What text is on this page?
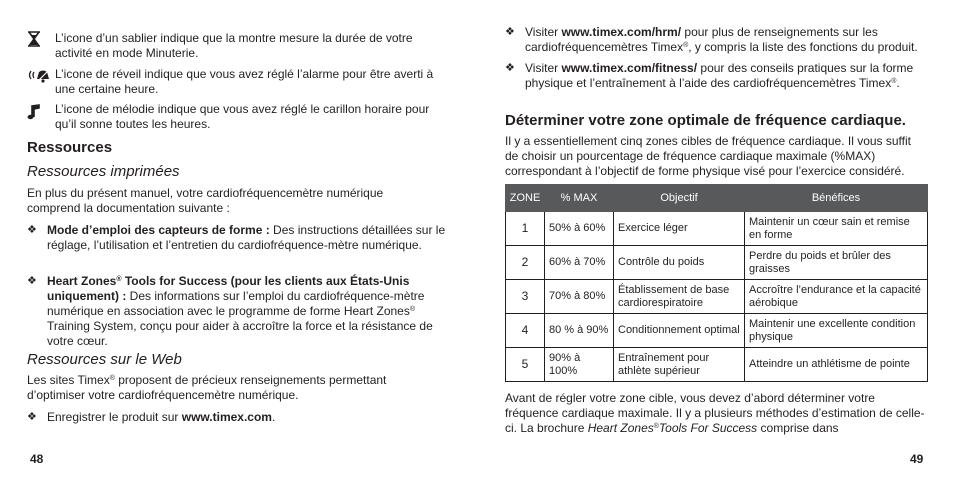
L’icone d’un sablier indique que la montre mesure la durée de votre activité en mode Minuterie.

L’icone de réveil indique que vous avez réglé l’alarme pour être averti à une certaine heure.

L’icone de mélodie indique que vous avez réglé le carillon horaire pour qu’il sonne toutes les heures.

Ressources
Ressources imprimées

En plus du présent manuel, votre cardiofréquencemètre numérique comprend la documentation suivante :

❖ Mode d’emploi des capteurs de forme : Des instructions détaillées sur le réglage, l’utilisation et l’entretien du cardiofréquence-mètre numérique.

❖ Heart Zones® Tools for Success (pour les clients aux États-Unis uniquement) : Des informations sur l’emploi du cardiofréquence-mètre numérique en association avec le programme de forme Heart Zones® Training System, conçu pour aider à accroître la force et la résistance de votre cœur.

Ressources sur le Web

Les sites Timex® proposent de précieux renseignements permettant d’optimiser votre cardiofréquencemètre numérique.

❖ Enregistrer le produit sur www.timex.com.

48
❖ Visiter www.timex.com/hrm/ pour plus de renseignements sur les cardiofréquencemètres Timex®, y compris la liste des fonctions du produit.

❖ Visiter www.timex.com/fitness/ pour des conseils pratiques sur la forme physique et l’entraînement à l’aide des cardiofréquencemètres Timex®.

Déterminer votre zone optimale de fréquence cardiaque.

Il y a essentiellement cinq zones cibles de fréquence cardiaque. Il vous suffit de choisir un pourcentage de fréquence cardiaque maximale (%MAX) correspondant à l’objectif de forme physique visé pour l’exercice considéré.

ZONE	% MAX	Objectif	Bénéfices
1	50% à 60%	Exercice léger	Maintenir un cœur sain et remise en forme
2	60% à 70%	Contrôle du poids	Perdre du poids et brûler des graisses
3	70% à 80%	Établissement de base cardiorespiratoire	Accroître l’endurance et la capacité aérobique
4	80 % à 90%	Conditionnement optimal	Maintenir une excellente condition physique
5	90% à 100%	Entraînement pour athlète supérieur	Atteindre un athlétisme de pointe

Avant de régler votre zone cible, vous devez d’abord déterminer votre fréquence cardiaque maximale. Il y a plusieurs méthodes d’estimation de celle-ci. La brochure Heart Zones®Tools For Success comprise dans

49
